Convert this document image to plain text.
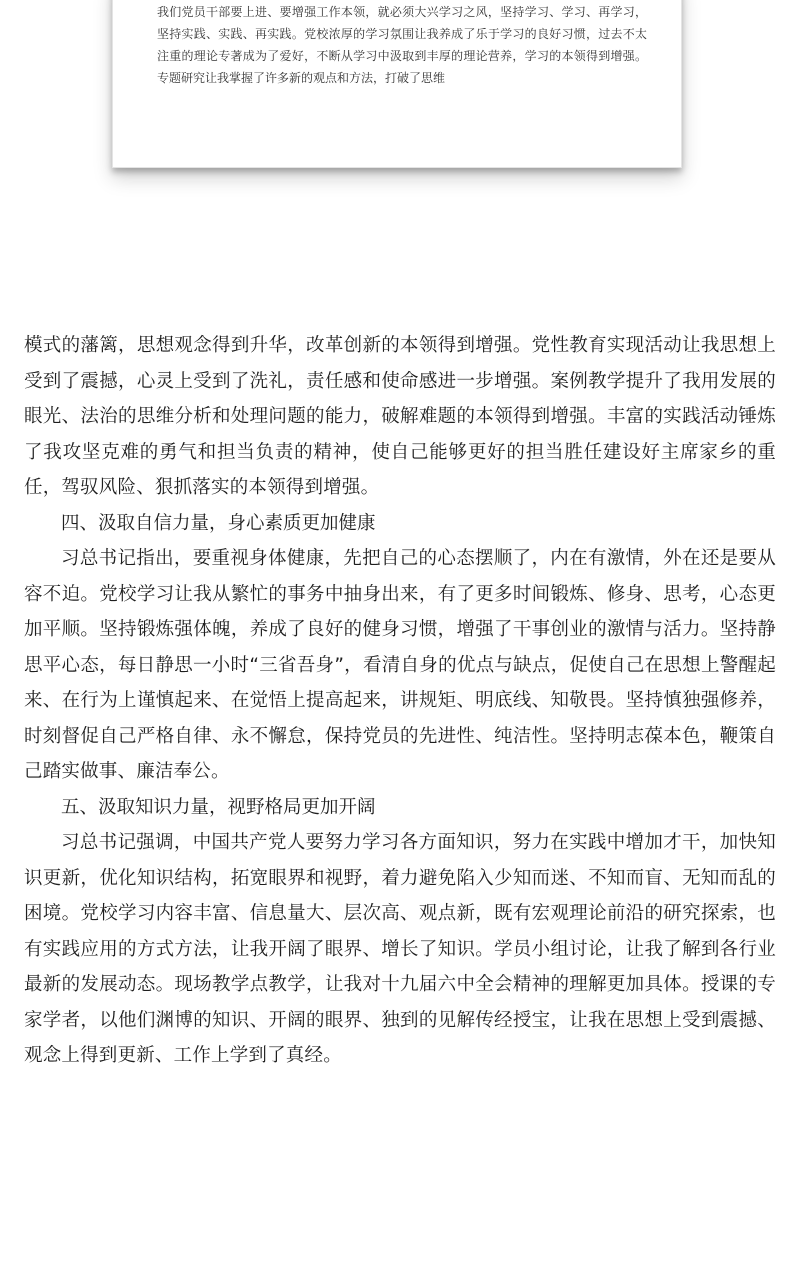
我们党员干部要上进、要增强工作本领，就必须大兴学习之风，坚持学习、学习、再学习，坚持实践、实践、再实践。党校浓厚的学习氛围让我养成了乐于学习的良好习惯，过去不太注重的理论专著成为了爱好，不断从学习中汲取到丰厚的理论营养，学习的本领得到增强。专题研究让我掌握了许多新的观点和方法，打破了思维

模式的藩篱，思想观念得到升华，改革创新的本领得到增强。党性教育实现活动让我思想上受到了震撼，心灵上受到了洗礼，责任感和使命感进一步增强。案例教学提升了我用发展的眼光、法治的思维分析和处理问题的能力，破解难题的本领得到增强。丰富的实践活动锤炼了我攻坚克难的勇气和担当负责的精神，使自己能够更好的担当胜任建设好主席家乡的重任，驾驭风险、狠抓落实的本领得到增强。

四、汲取自信力量，身心素质更加健康

习总书记指出，要重视身体健康，先把自己的心态摆顺了，内在有激情，外在还是要从容不迫。党校学习让我从繁忙的事务中抽身出来，有了更多时间锻炼、修身、思考，心态更加平顺。坚持锻炼强体魄，养成了良好的健身习惯，增强了干事创业的激情与活力。坚持静思平心态，每日静思一小时“三省吾身”，看清自身的优点与缺点，促使自己在思想上警醒起来、在行为上谨慎起来、在觉悟上提高起来，讲规矩、明底线、知敬畏。坚持慎独强修养，时刻督促自己严格自律、永不懈怠，保持党员的先进性、纯洁性。坚持明志葆本色，鞭策自己踏实做事、廉洁奉公。

五、汲取知识力量，视野格局更加开阔

习总书记强调，中国共产党人要努力学习各方面知识，努力在实践中增加才干，加快知识更新，优化知识结构，拓宽眼界和视野，着力避免陷入少知而迷、不知而盲、无知而乱的困境。党校学习内容丰富、信息量大、层次高、观点新，既有宏观理论前沿的研究探索，也有实践应用的方式方法，让我开阔了眼界、增长了知识。学员小组讨论，让我了解到各行业最新的发展动态。现场教学点教学，让我对十九届六中全会精神的理解更加具体。授课的专家学者，以他们渊博的知识、开阔的眼界、独到的见解传经授宝，让我在思想上受到震撼、观念上得到更新、工作上学到了真经。
